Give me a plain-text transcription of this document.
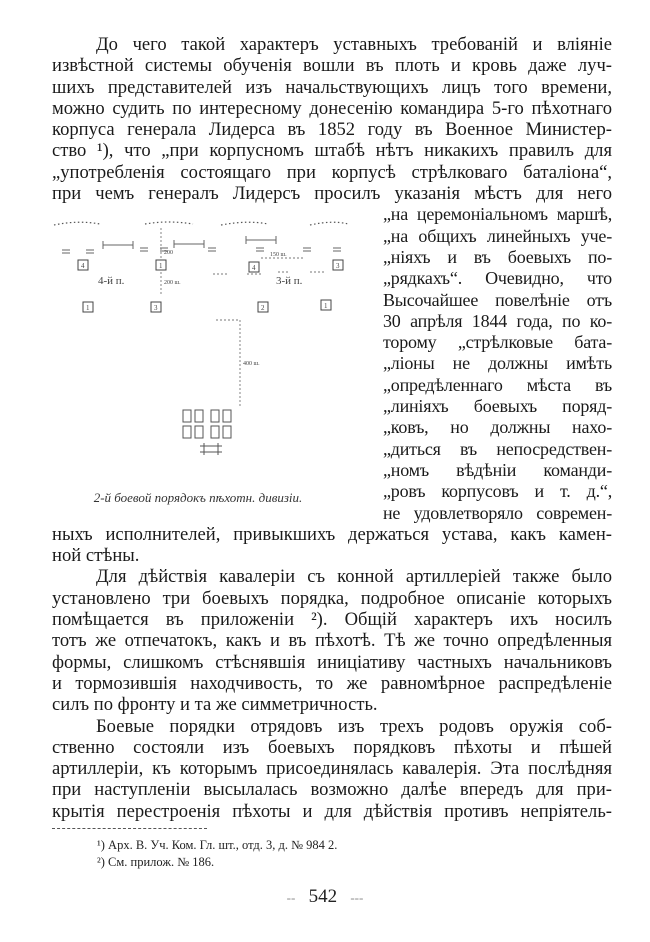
До чего такой характеръ уставныхъ требованій и вліяніе
извѣстной системы обученія вошли въ плоть и кровь даже луч-
шихъ представителей изъ начальствующихъ лицъ того времени,
можно судить по интересному донесенію командира 5-го пѣхотнаго
корпуса генерала Лидерса въ 1852 году въ Военное Министер-
ство ¹), что „при корпусномъ штабѣ нѣтъ никакихъ правилъ для
„употребленія состоящаго при корпусѣ стрѣлковаго баталіона“,
при чемъ генералъ Лидерсъ просилъ указанія мѣстъ для него
200
200 ш.
150 ш.
400 ш.
4-й п.	3-й п.
4	1	4	3
1	3	2	1
2-й боевой порядокъ пѣхотн. дивизіи.
„на церемоніальномъ маршѣ,
„на общихъ линейныхъ уче-
„ніяхъ и въ боевыхъ по-
„рядкахъ“. Очевидно, что
Высочайшее повелѣніе отъ
30 апрѣля 1844 года, по ко-
торому „стрѣлковые бата-
„ліоны не должны имѣть
„опредѣленнаго мѣста въ
„линіяхъ боевыхъ поряд-
„ковъ, но должны нахо-
„диться въ непосредствен-
„номъ вѣдѣніи команди-
„ровъ корпусовъ и т. д.“,
не удовлетворяло современ-
ныхъ исполнителей, привыкшихъ держаться устава, какъ камен-
ной стѣны.
Для дѣйствія кавалеріи съ конной артиллеріей также было
установлено три боевыхъ порядка, подробное описаніе которыхъ
помѣщается въ приложеніи ²). Общій характеръ ихъ носилъ
тотъ же отпечатокъ, какъ и въ пѣхотѣ. Тѣ же точно опредѣленныя
формы, слишкомъ стѣснявшія иниціативу частныхъ начальниковъ
и тормозившія находчивость, то же равномѣрное распредѣленіе
силъ по фронту и та же симметричность.
Боевые порядки отрядовъ изъ трехъ родовъ оружія соб-
ственно состояли изъ боевыхъ порядковъ пѣхоты и пѣшей
артиллеріи, къ которымъ присоединялась кавалерія. Эта послѣдняя
при наступленіи высылалась возможно далѣе впередъ для при-
крытія перестроенія пѣхоты и для дѣйствія противъ непріятель-
¹) Арх. В. Уч. Ком. Гл. шт., отд. 3, д. № 984 2.
²) См. прилож. № 186.
-- 542 ---
